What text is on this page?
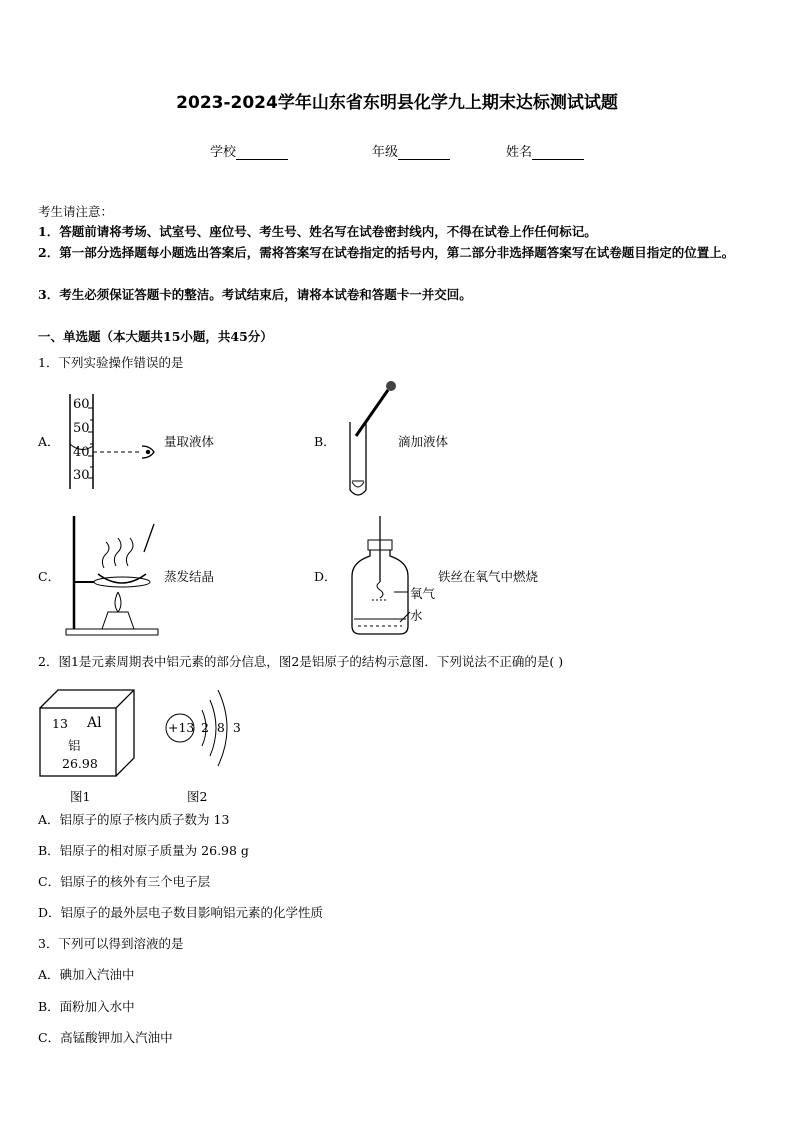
2023-2024学年山东省东明县化学九上期末达标测试试题
学校	年级	姓名
考生请注意：
1．答题前请将考场、试室号、座位号、考生号、姓名写在试卷密封线内，不得在试卷上作任何标记。
2．第一部分选择题每小题选出答案后，需将答案写在试卷指定的括号内，第二部分非选择题答案写在试卷题目指定的位置上。
3．考生必须保证答题卡的整洁。考试结束后，请将本试卷和答题卡一并交回。
一、单选题（本大题共15小题，共45分）
1．下列实验操作错误的是
A．
60
50
40
30
量取液体	B．	滴加液体
C．	蒸发结晶	D．
氧气
水
铁丝在氧气中燃烧
2．图1是元素周期表中铝元素的部分信息，图2是铝原子的结构示意图．下列说法不正确的是( )
13 Al
铝
26.98
+13 2 8 3
图1	图2
A．铝原子的原子核内质子数为 13
B．铝原子的相对原子质量为 26.98 g
C．铝原子的核外有三个电子层
D．铝原子的最外层电子数目影响铝元素的化学性质
3．下列可以得到溶液的是
A．碘加入汽油中
B．面粉加入水中
C．高锰酸钾加入汽油中
